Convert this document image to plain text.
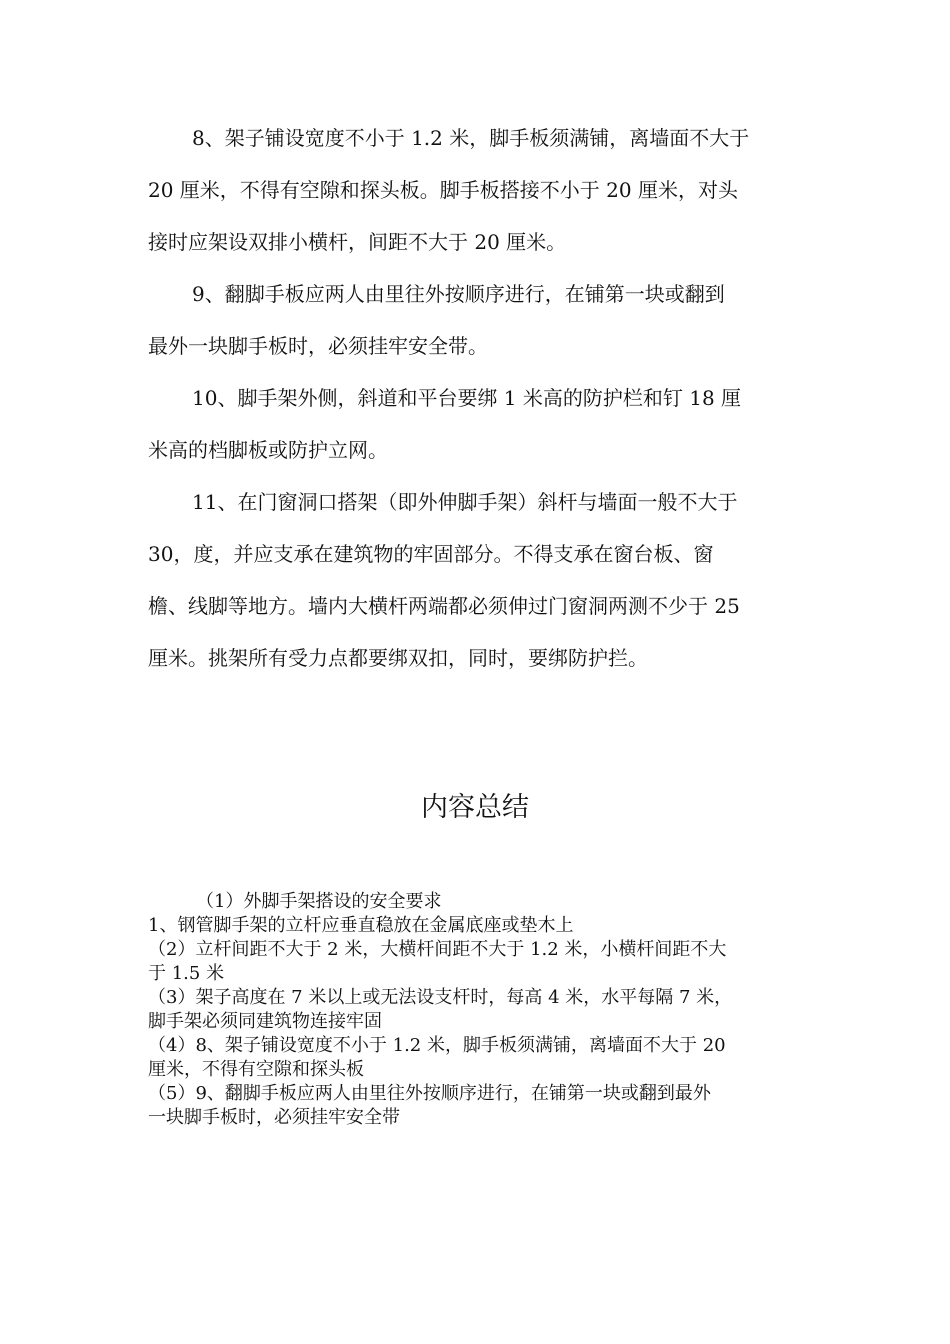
8、架子铺设宽度不小于 1.2 米，脚手板须满铺，离墙面不大于
20 厘米，不得有空隙和探头板。脚手板搭接不小于 20 厘米，对头
接时应架设双排小横杆，间距不大于 20 厘米。

9、翻脚手板应两人由里往外按顺序进行，在铺第一块或翻到
最外一块脚手板时，必须挂牢安全带。

10、脚手架外侧，斜道和平台要绑 1 米高的防护栏和钉 18 厘
米高的档脚板或防护立网。

11、在门窗洞口搭架（即外伸脚手架）斜杆与墙面一般不大于
30，度，并应支承在建筑物的牢固部分。不得支承在窗台板、窗
檐、线脚等地方。墙内大横杆两端都必须伸过门窗洞两测不少于 25
厘米。挑架所有受力点都要绑双扣，同时，要绑防护拦。

内容总结
（1）外脚手架搭设的安全要求
1、钢管脚手架的立杆应垂直稳放在金属底座或垫木上
（2）立杆间距不大于 2 米，大横杆间距不大于 1.2 米，小横杆间距不大
于 1.5 米
（3）架子高度在 7 米以上或无法设支杆时，每高 4 米，水平每隔 7 米，
脚手架必须同建筑物连接牢固
（4）8、架子铺设宽度不小于 1.2 米，脚手板须满铺，离墙面不大于 20
厘米，不得有空隙和探头板
（5）9、翻脚手板应两人由里往外按顺序进行，在铺第一块或翻到最外
一块脚手板时，必须挂牢安全带
